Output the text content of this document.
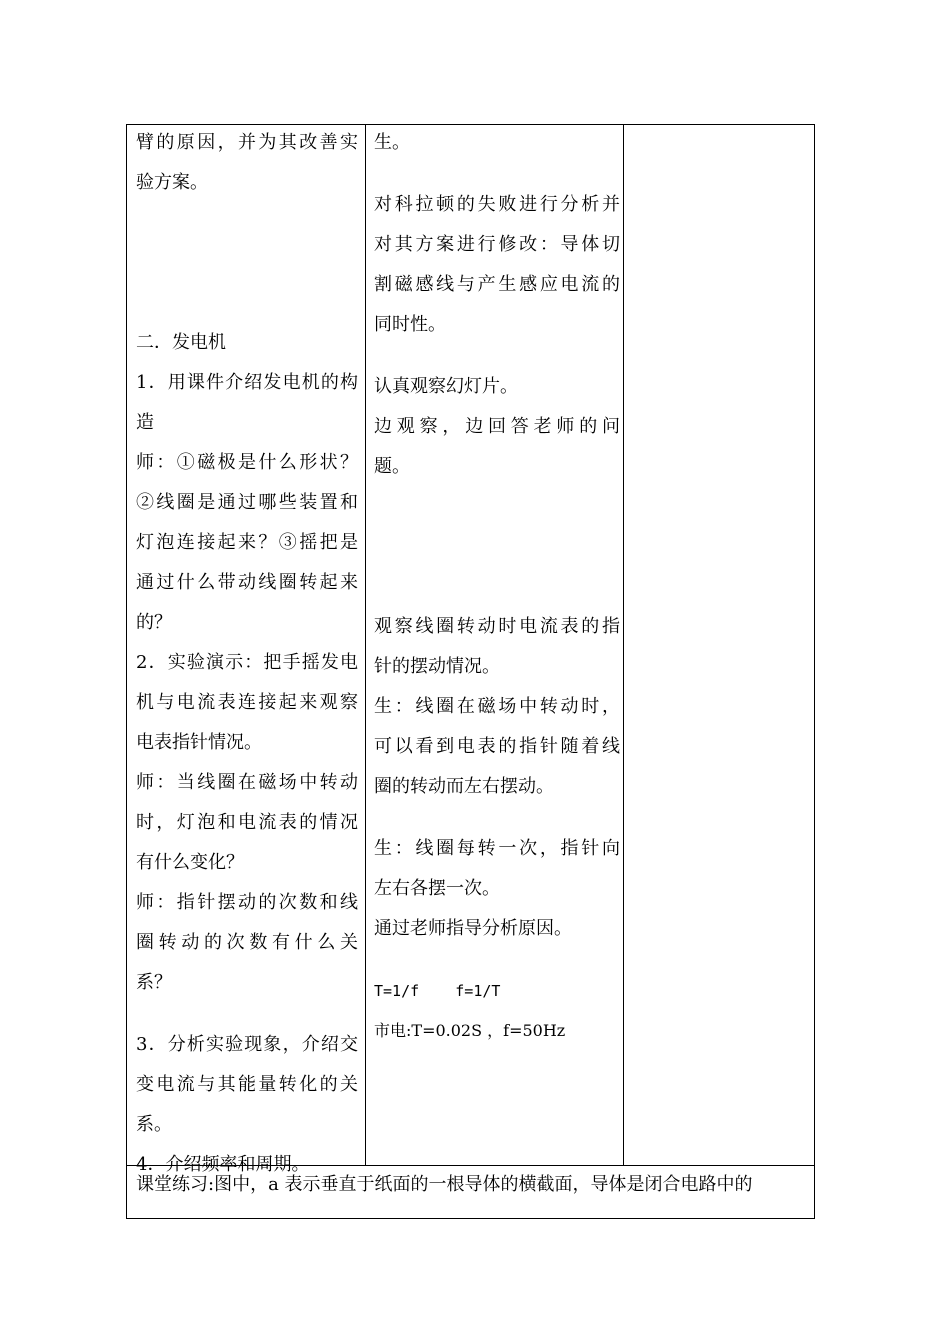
臂的原因，并为其改善实
验方案。
二．发电机
1．用课件介绍发电机的构
造
师：①磁极是什么形状？
②线圈是通过哪些装置和
灯泡连接起来？③摇把是
通过什么带动线圈转起来
的？
2．实验演示：把手摇发电
机与电流表连接起来观察
电表指针情况。
师：当线圈在磁场中转动
时，灯泡和电流表的情况
有什么变化？
师：指针摆动的次数和线
圈转动的次数有什么关
系？
3．分析实验现象，介绍交
变电流与其能量转化的关
系。
4．介绍频率和周期。
生。
对科拉顿的失败进行分析并
对其方案进行修改：导体切
割磁感线与产生感应电流的
同时性。
认真观察幻灯片。
边观察，边回答老师的问
题。
观察线圈转动时电流表的指
针的摆动情况。
生：线圈在磁场中转动时，
可以看到电表的指针随着线
圈的转动而左右摆动。
生：线圈每转一次，指针向
左右各摆一次。
通过老师指导分析原因。
T=1/f    f=1/T
市电:T=0.02S ，f=50Hz
课堂练习:图中，a 表示垂直于纸面的一根导体的横截面，导体是闭合电路中的
